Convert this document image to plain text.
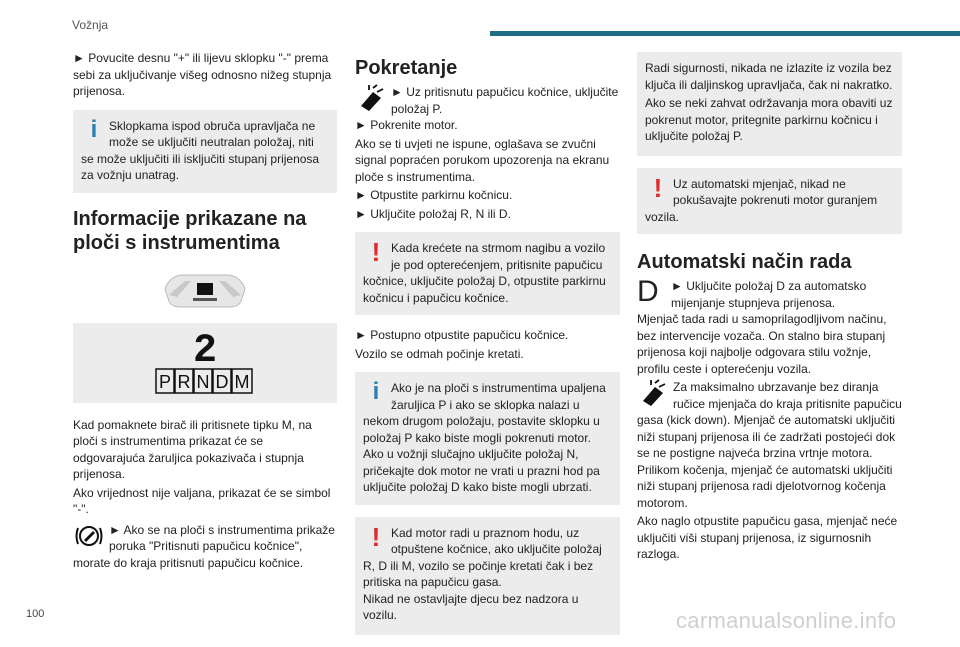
Vožnja

► Povucite desnu "+" ili lijevu sklopku "-" prema sebi za uključivanje višeg odnosno nižeg stupnja prijenosa.

i Sklopkama ispod obruča upravljača ne može se uključiti neutralan položaj, niti se može uključiti ili isključiti stupanj prijenosa za vožnju unatrag.
Informacije prikazane na ploči s instrumentima
2
P R N D M

Kad pomaknete birač ili pritisnete tipku M, na ploči s instrumentima prikazat će se odgovarajuća žaruljica pokazivača i stupnja prijenosa.

Ako vrijednost nije valjana, prikazat će se simbol "-".

► Ako se na ploči s instrumentima prikaže poruka "Pritisnuti papučicu kočnice", morate do kraja pritisnuti papučicu kočnice.
Pokretanje
► Uz pritisnutu papučicu kočnice, uključite položaj P.

► Pokrenite motor.

Ako se ti uvjeti ne ispune, oglašava se zvučni signal popraćen porukom upozorenja na ekranu ploče s instrumentima.

► Otpustite parkirnu kočnicu.

► Uključite položaj R, N ili D.

! Kada krećete na strmom nagibu a vozilo je pod opterećenjem, pritisnite papučicu kočnice, uključite položaj D, otpustite parkirnu kočnicu i papučicu kočnice.

► Postupno otpustite papučicu kočnice.

Vozilo se odmah počinje kretati.

i Ako je na ploči s instrumentima upaljena žaruljica P i ako se sklopka nalazi u nekom drugom položaju, postavite sklopku u položaj P kako biste mogli pokrenuti motor. Ako u vožnji slučajno uključite položaj N, pričekajte dok motor ne vrati u prazni hod pa uključite položaj D kako biste mogli ubrzati.
! Kad motor radi u praznom hodu, uz otpuštene kočnice, ako uključite položaj R, D ili M, vozilo se počinje kretati čak i bez pritiska na papučicu gasa.

Nikad ne ostavljajte djecu bez nadzora u vozilu.

Radi sigurnosti, nikada ne izlazite iz vozila bez ključa ili daljinskog upravljača, čak ni nakratko.

Ako se neki zahvat održavanja mora obaviti uz pokrenut motor, pritegnite parkirnu kočnicu i uključite položaj P.

! Uz automatski mjenjač, nikad ne pokušavajte pokrenuti motor guranjem vozila.
Automatski način rada
D	► Uključite položaj D za automatsko mijenjanje stupnjeva prijenosa.

Mjenjač tada radi u samoprilagodljivom načinu, bez intervencije vozača. On stalno bira stupanj prijenosa koji najbolje odgovara stilu vožnje, profilu ceste i opterećenju vozila.

Za maksimalno ubrzavanje bez diranja ručice mjenjača do kraja pritisnite papučicu gasa (kick down). Mjenjač će automatski uključiti niži stupanj prijenosa ili će zadržati postojeći dok se ne postigne najveća brzina vrtnje motora.

Prilikom kočenja, mjenjač će automatski uključiti niži stupanj prijenosa radi djelotvornog kočenja motorom.

Ako naglo otpustite papučicu gasa, mjenjač neće uključiti viši stupanj prijenosa, iz sigurnosnih razloga.

100	carmanualsonline.info
